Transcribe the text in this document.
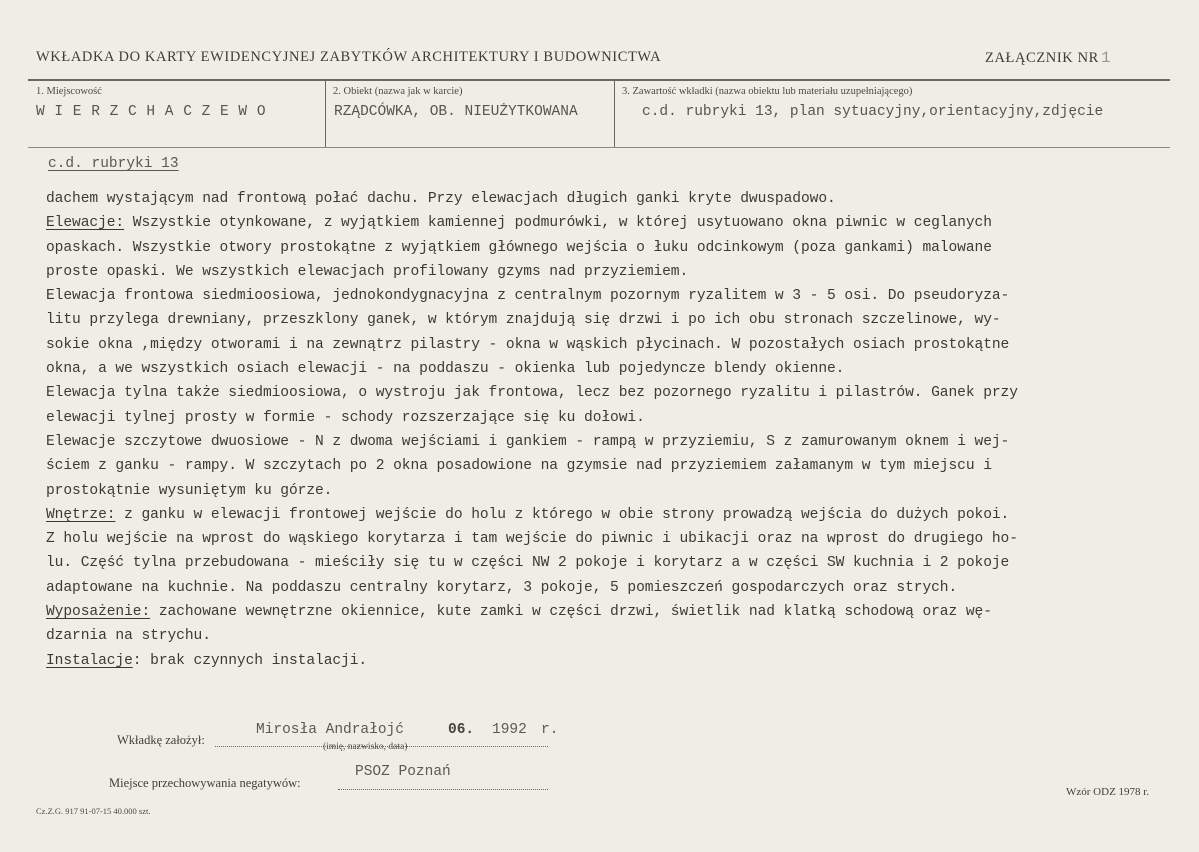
WKŁADKA DO KARTY EWIDENCYJNEJ ZABYTKÓW ARCHITEKTURY I BUDOWNICTWA	ZAŁĄCZNIK NR 1
1. Miejscowość
WIERZCHACZEWO
2. Obiekt (nazwa jak w karcie)
RZĄDCÓWKA, OB. NIEUŻYTKOWANA
3. Zawartość wkładki (nazwa obiektu lub materiału uzupełniającego)
c.d. rubryki 13, plan sytuacyjny,orientacyjny,zdjęcie
c.d. rubryki 13
dachem wystającym nad frontową połać dachu. Przy elewacjach długich ganki kryte dwuspadowo.
Elewacje: Wszystkie otynkowane, z wyjątkiem kamiennej podmurówki, w której usytuowano okna piwnic w ceglanych
opaskach. Wszystkie otwory prostokątne z wyjątkiem głównego wejścia o łuku odcinkowym (poza gankami) malowane
proste opaski. We wszystkich elewacjach profilowany gzyms nad przyziemiem.
Elewacja frontowa siedmioosiowa, jednokondygnacyjna z centralnym pozornym ryzalitem w 3 - 5 osi. Do pseudoryza-
litu przylega drewniany, przeszklony ganek, w którym znajdują się drzwi i po ich obu stronach szczelinowe, wy-
sokie okna ,między otworami i na zewnątrz pilastry - okna w wąskich płycinach. W pozostałych osiach prostokątne
okna, a we wszystkich osiach elewacji - na poddaszu - okienka lub pojedyncze blendy okienne.
Elewacja tylna także siedmioosiowa, o wystroju jak frontowa, lecz bez pozornego ryzalitu i pilastrów. Ganek przy
elewacji tylnej prosty w formie - schody rozszerzające się ku dołowi.
Elewacje szczytowe dwuosiowe - N z dwoma wejściami i gankiem - rampą w przyziemiu, S z zamurowanym oknem i wej-
ściem z ganku - rampy. W szczytach po 2 okna posadowione na gzymsie nad przyziemiem załamanym w tym miejscu i
prostokątnie wysuniętym ku górze.
Wnętrze: z ganku w elewacji frontowej wejście do holu z którego w obie strony prowadzą wejścia do dużych pokoi.
Z holu wejście na wprost do wąskiego korytarza i tam wejście do piwnic i ubikacji oraz na wprost do drugiego ho-
lu. Część tylna przebudowana - mieściły się tu w części NW 2 pokoje i korytarz a w części SW kuchnia i 2 pokoje
adaptowane na kuchnie. Na poddaszu centralny korytarz, 3 pokoje, 5 pomieszczeń gospodarczych oraz strych.
Wyposażenie: zachowane wewnętrzne okiennice, kute zamki w części drzwi, świetlik nad klatką schodową oraz wę-
dzarnia na strychu.
Instalacje: brak czynnych instalacji.
Wkładkę założył:
Mirosła Andrałojć	06. 1992 r.
(imię, nazwisko, data)
Miejsce przechowywania negatywów:
PSOZ Poznań
Cz.Z.G. 917 91-07-15 40.000 szt.
Wzór ODZ 1978 r.
